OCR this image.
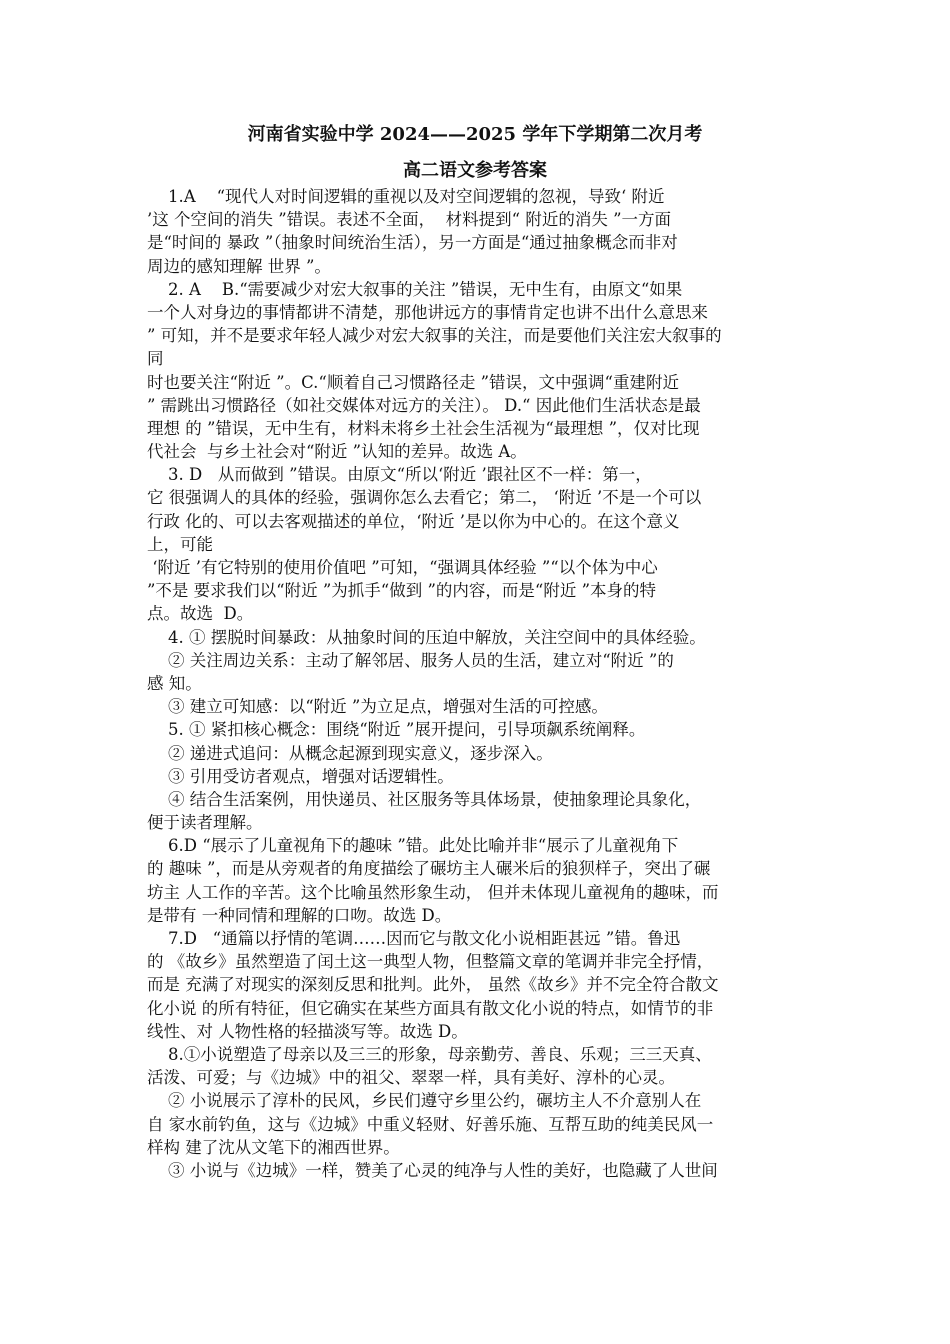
河南省实验中学 2024——2025 学年下学期第二次月考
高二语文参考答案
1.A    “现代人对时间逻辑的重视以及对空间逻辑的忽视，导致‘ 附近
’这 个空间的消失 ”错误。表述不全面，  材料提到“ 附近的消失 ”一方面
是“时间的 暴政 ”（抽象时间统治生活），另一方面是“通过抽象概念而非对
周边的感知理解 世界 ”。
2. A    B.“需要减少对宏大叙事的关注 ”错误，无中生有，由原文“如果
一个人对身边的事情都讲不清楚，那他讲远方的事情肯定也讲不出什么意思来
” 可知，并不是要求年轻人减少对宏大叙事的关注，而是要他们关注宏大叙事的
同
时也要关注“附近 ”。C.“顺着自己习惯路径走 ”错误，文中强调“重建附近
” 需跳出习惯路径（如社交媒体对远方的关注）。 D.“ 因此他们生活状态是最
理想 的 ”错误，无中生有，材料未将乡土社会生活视为“最理想 ”，仅对比现
代社会  与乡土社会对“附近 ”认知的差异。故选 A。
3. D   从而做到 ”错误。由原文“所以‘附近 ’跟社区不一样：第一，
它 很强调人的具体的经验，强调你怎么去看它；第二， ‘附近 ’不是一个可以
行政 化的、可以去客观描述的单位，‘附近 ’是以你为中心的。在这个意义
上，可能
‘附近 ’有它特别的使用价值吧 ”可知，“强调具体经验 ”“以个体为中心
”不是 要求我们以“附近 ”为抓手“做到 ”的内容，而是“附近 ”本身的特
点。故选  D。
4. ① 摆脱时间暴政：从抽象时间的压迫中解放，关注空间中的具体经验。
② 关注周边关系：主动了解邻居、服务人员的生活，建立对“附近 ”的
感 知。
③ 建立可知感：以“附近 ”为立足点，增强对生活的可控感。
5. ① 紧扣核心概念：围绕“附近 ”展开提问，引导项飙系统阐释。
② 递进式追问：从概念起源到现实意义，逐步深入。
③ 引用受访者观点，增强对话逻辑性。
④ 结合生活案例，用快递员、社区服务等具体场景，使抽象理论具象化，
便于读者理解。
6.D “展示了儿童视角下的趣味 ”错。此处比喻并非“展示了儿童视角下
的 趣味 ”，而是从旁观者的角度描绘了碾坊主人碾米后的狼狈样子，突出了碾
坊主 人工作的辛苦。这个比喻虽然形象生动， 但并未体现儿童视角的趣味，而
是带有 一种同情和理解的口吻。故选 D。
7.D   “通篇以抒情的笔调……因而它与散文化小说相距甚远 ”错。鲁迅
的 《故乡》虽然塑造了闰土这一典型人物，但整篇文章的笔调并非完全抒情，
而是 充满了对现实的深刻反思和批判。此外， 虽然《故乡》并不完全符合散文
化小说 的所有特征，但它确实在某些方面具有散文化小说的特点，如情节的非
线性、对 人物性格的轻描淡写等。故选 D。
8.①小说塑造了母亲以及三三的形象，母亲勤劳、善良、乐观；三三天真、
活泼、可爱；与《边城》中的祖父、翠翠一样，具有美好、淳朴的心灵。
② 小说展示了淳朴的民风，乡民们遵守乡里公约，碾坊主人不介意别人在
自 家水前钓鱼，这与《边城》中重义轻财、好善乐施、互帮互助的纯美民风一
样构 建了沈从文笔下的湘西世界。
③ 小说与《边城》一样，赞美了心灵的纯净与人性的美好，也隐藏了人世间
